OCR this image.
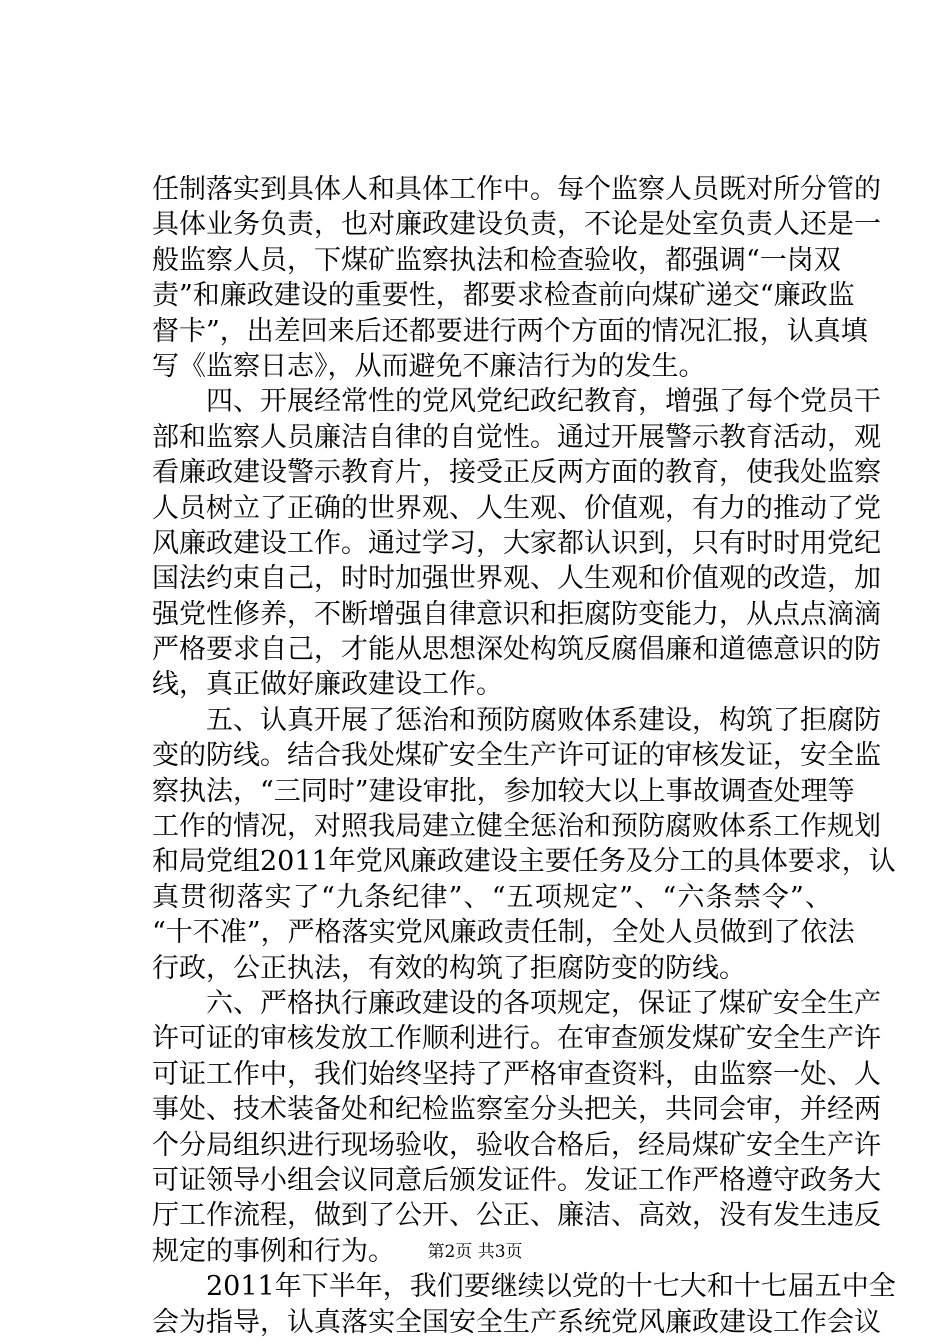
任制落实到具体人和具体工作中。每个监察人员既对所分管的
具体业务负责，也对廉政建设负责，不论是处室负责人还是一
般监察人员，下煤矿监察执法和检查验收，都强调“一岗双
责”和廉政建设的重要性，都要求检查前向煤矿递交“廉政监
督卡”，出差回来后还都要进行两个方面的情况汇报，认真填
写《监察日志》，从而避免不廉洁行为的发生。
　　四、开展经常性的党风党纪政纪教育，增强了每个党员干
部和监察人员廉洁自律的自觉性。通过开展警示教育活动，观
看廉政建设警示教育片，接受正反两方面的教育，使我处监察
人员树立了正确的世界观、人生观、价值观，有力的推动了党
风廉政建设工作。通过学习，大家都认识到，只有时时用党纪
国法约束自己，时时加强世界观、人生观和价值观的改造，加
强党性修养，不断增强自律意识和拒腐防变能力，从点点滴滴
严格要求自己，才能从思想深处构筑反腐倡廉和道德意识的防
线，真正做好廉政建设工作。
　　五、认真开展了惩治和预防腐败体系建设，构筑了拒腐防
变的防线。结合我处煤矿安全生产许可证的审核发证，安全监
察执法，“三同时”建设审批，参加较大以上事故调查处理等
工作的情况，对照我局建立健全惩治和预防腐败体系工作规划
和局党组2011年党风廉政建设主要任务及分工的具体要求，认
真贯彻落实了“九条纪律”、“五项规定”、“六条禁令”、
“十不准”，严格落实党风廉政责任制，全处人员做到了依法
行政，公正执法，有效的构筑了拒腐防变的防线。
　　六、严格执行廉政建设的各项规定，保证了煤矿安全生产
许可证的审核发放工作顺利进行。在审查颁发煤矿安全生产许
可证工作中，我们始终坚持了严格审查资料，由监察一处、人
事处、技术装备处和纪检监察室分头把关，共同会审，并经两
个分局组织进行现场验收，验收合格后，经局煤矿安全生产许
可证领导小组会议同意后颁发证件。发证工作严格遵守政务大
厅工作流程，做到了公开、公正、廉洁、高效，没有发生违反
规定的事例和行为。
　　2011年下半年，我们要继续以党的十七大和十七届五中全
会为指导，认真落实全国安全生产系统党风廉政建设工作会议
第2页 共3页
